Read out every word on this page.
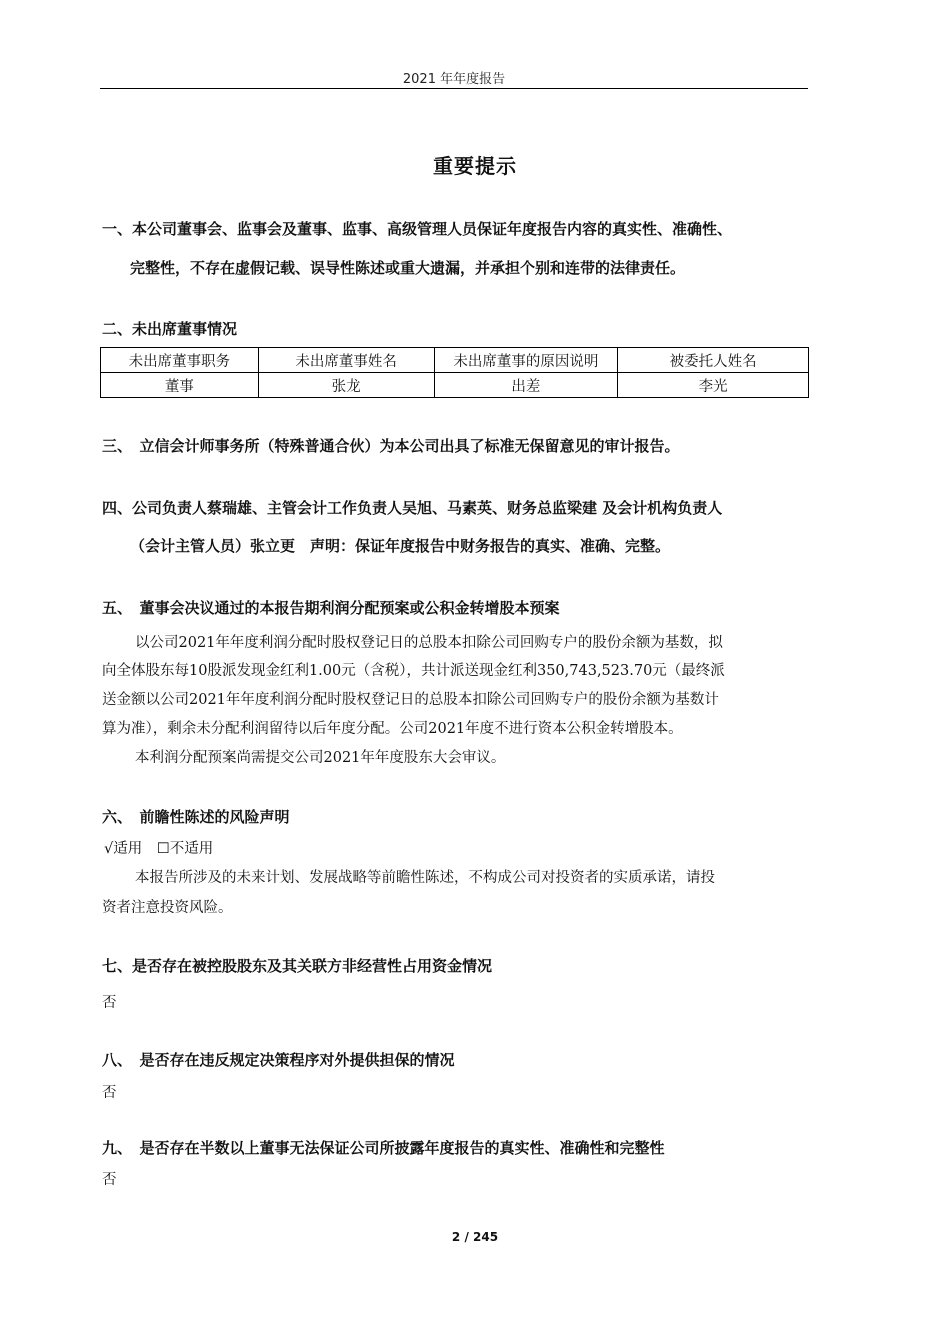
2021 年年度报告
重要提示
一、本公司董事会、监事会及董事、监事、高级管理人员保证年度报告内容的真实性、准确性、
完整性，不存在虚假记载、误导性陈述或重大遗漏，并承担个别和连带的法律责任。
二、未出席董事情况
未出席董事职务	未出席董事姓名	未出席董事的原因说明	被委托人姓名
董事	张龙	出差	李光
三、　立信会计师事务所（特殊普通合伙）为本公司出具了标准无保留意见的审计报告。
四、公司负责人蔡瑞雄、主管会计工作负责人吴旭、马素英、财务总监梁建 及会计机构负责人
（会计主管人员）张立更　声明：保证年度报告中财务报告的真实、准确、完整。
五、　董事会决议通过的本报告期利润分配预案或公积金转增股本预案
以公司2021年年度利润分配时股权登记日的总股本扣除公司回购专户的股份余额为基数，拟
向全体股东每10股派发现金红利1.00元（含税），共计派送现金红利350,743,523.70元（最终派
送金额以公司2021年年度利润分配时股权登记日的总股本扣除公司回购专户的股份余额为基数计
算为准），剩余未分配利润留待以后年度分配。公司2021年度不进行资本公积金转增股本。
本利润分配预案尚需提交公司2021年年度股东大会审议。
六、　前瞻性陈述的风险声明
√适用　☐不适用
本报告所涉及的未来计划、发展战略等前瞻性陈述，不构成公司对投资者的实质承诺，请投
资者注意投资风险。
七、是否存在被控股股东及其关联方非经营性占用资金情况
否
八、　是否存在违反规定决策程序对外提供担保的情况
否
九、　是否存在半数以上董事无法保证公司所披露年度报告的真实性、准确性和完整性
否
2 / 245
